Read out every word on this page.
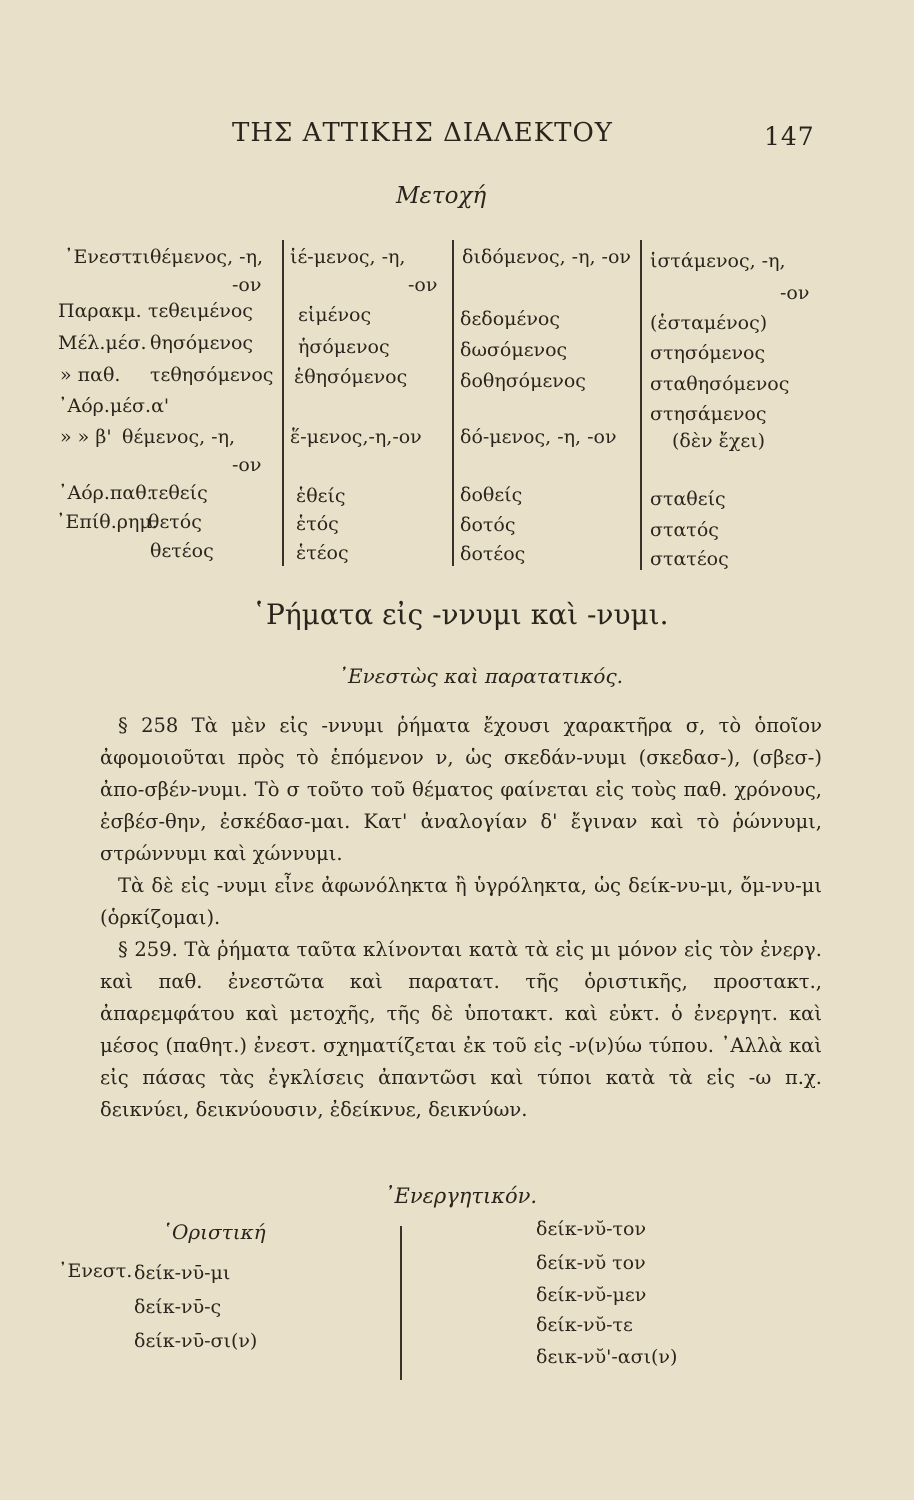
ΤΗΣ ΑΤΤΙΚΗΣ ΔΙΑΛΕΚΤΟΥ	147
Μετοχή
᾿Ενεστ.
Παρακμ.
Μέλ.μέσ.
» παθ.
᾿Αόρ.μέσ.α'
» » β'
᾿Αόρ.παθ.
᾿Επίθ.ρημ.
τιθέμενος, -η,
-ον
τεθειμένος
θησόμενος
τεθησόμενος
θέμενος, -η,
-ον
τεθείς
θετός
θετέος
ἱέ-μενος, -η,
-ον
εἱμένος
ἡσόμενος
ἑθησόμενος
ἕ-μενος,-η,-ον
ἑθείς
ἑτός
ἑτέος
διδόμενος, -η, -ον
δεδομένος
δωσόμενος
δοθησόμενος
δό-μενος, -η, -ον
δοθείς
δοτός
δοτέος
ἱστάμενος, -η,
-ον
(ἑσταμένος)
στησόμενος
σταθησόμενος
στησάμενος
(δὲν ἔχει)
σταθείς
στατός
στατέος
῾Ρήματα εἰς -ννυμι καὶ -νυμι.
᾿Ενεστὼς καὶ παρατατικός.

§ 258 Τὰ μὲν εἰς -ννυμι ῥήματα ἔχουσι χαρακτῆρα σ, τὸ ὁποῖον ἀφομοιοῦται πρὸς τὸ ἑπόμενον ν, ὡς σκεδάν-νυμι (σκεδασ-), (σβεσ-) ἀπο-σβέν-νυμι. Τὸ σ τοῦτο τοῦ θέματος φαίνεται εἰς τοὺς παθ. χρόνους, ἐσβέσ-θην, ἐσκέδασ-μαι. Κατ' ἀναλογίαν δ' ἔγιναν καὶ τὸ ῥώννυμι, στρώννυμι καὶ χώννυμι.

Τὰ δὲ εἰς -νυμι εἶνε ἀφωνόληκτα ἢ ὑγρόληκτα, ὡς δείκ-νυ-μι, ὄμ-νυ-μι (ὁρκίζομαι).

§ 259. Τὰ ῥήματα ταῦτα κλίνονται κατὰ τὰ εἰς μι μόνον εἰς τὸν ἐνεργ. καὶ παθ. ἐνεστῶτα καὶ παρατατ. τῆς ὁριστικῆς, προστακτ., ἀπαρεμφάτου καὶ μετοχῆς, τῆς δὲ ὑποτακτ. καὶ εὐκτ. ὁ ἐνεργητ. καὶ μέσος (παθητ.) ἐνεστ. σχηματίζεται ἐκ τοῦ εἰς -ν(ν)ύω τύπου. ᾿Αλλὰ καὶ εἰς πάσας τὰς ἐγκλίσεις ἀπαντῶσι καὶ τύποι κατὰ τὰ εἰς -ω π.χ. δεικνύει, δεικνύουσιν, ἐδείκνυε, δεικνύων.

᾿Ενεργητικόν.
῾Οριστική
᾿Ενεστ. δείκ-νῡ-μι
δείκ-νῡ-ς
δείκ-νῡ-σι(ν)
δείκ-νῠ-τον
δείκ-νῠ τον
δείκ-νῠ-μεν
δείκ-νῠ-τε
δεικ-νῠ'-ασι(ν)
